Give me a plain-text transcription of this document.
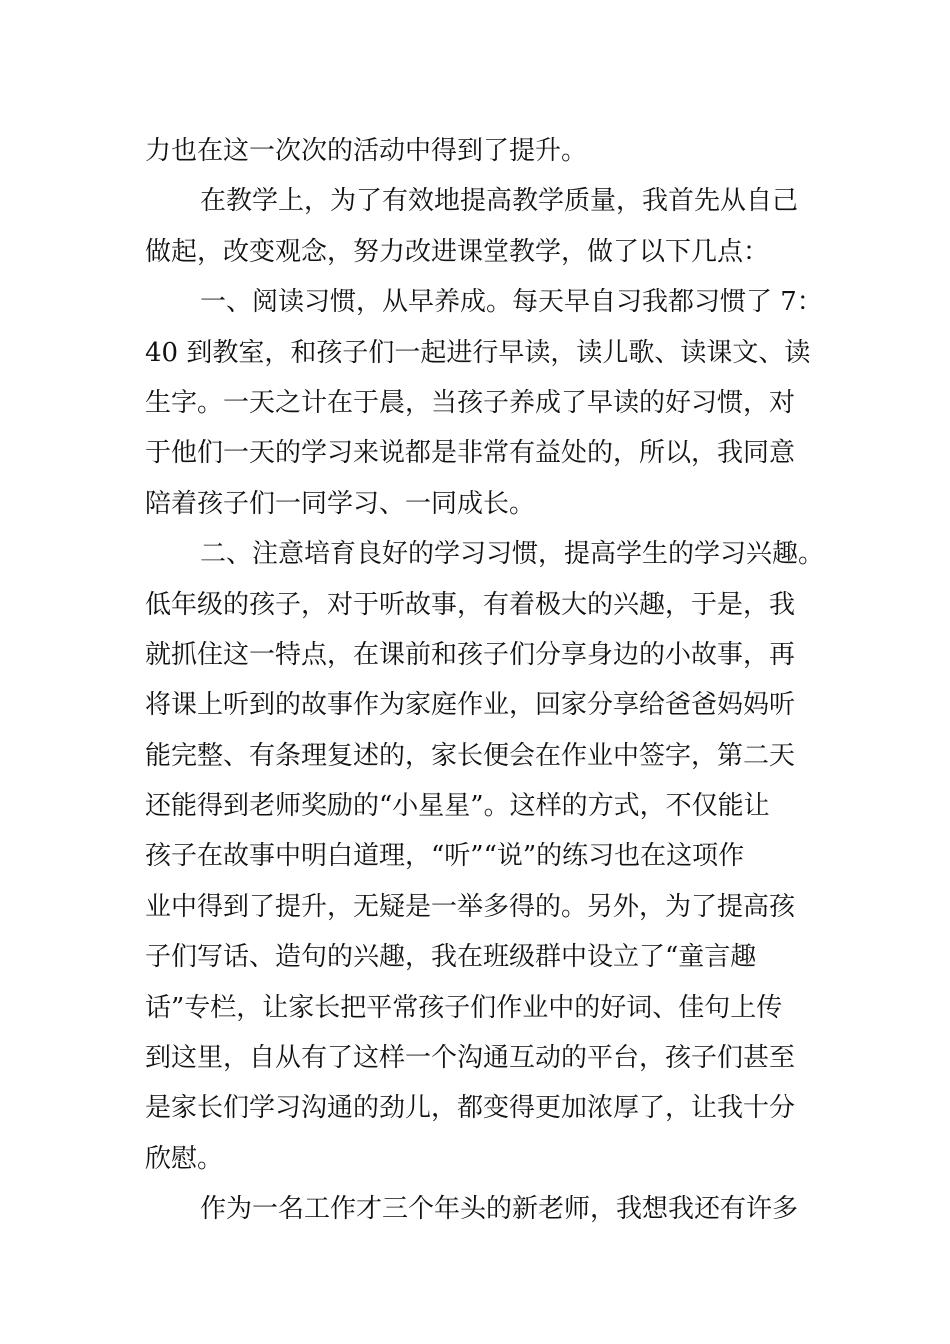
力也在这一次次的活动中得到了提升。
在教学上，为了有效地提高教学质量，我首先从自己
做起，改变观念，努力改进课堂教学，做了以下几点：
一、阅读习惯，从早养成。每天早自习我都习惯了 7：
40 到教室，和孩子们一起进行早读，读儿歌、读课文、读
生字。一天之计在于晨，当孩子养成了早读的好习惯，对
于他们一天的学习来说都是非常有益处的，所以，我同意
陪着孩子们一同学习、一同成长。
二、注意培育良好的学习习惯，提高学生的学习兴趣。
低年级的孩子，对于听故事，有着极大的兴趣，于是，我
就抓住这一特点，在课前和孩子们分享身边的小故事，再
将课上听到的故事作为家庭作业，回家分享给爸爸妈妈听
能完整、有条理复述的，家长便会在作业中签字，第二天
还能得到老师奖励的“小星星”。这样的方式，不仅能让
孩子在故事中明白道理，“听”“说”的练习也在这项作
业中得到了提升，无疑是一举多得的。另外，为了提高孩
子们写话、造句的兴趣，我在班级群中设立了“童言趣
话”专栏，让家长把平常孩子们作业中的好词、佳句上传
到这里，自从有了这样一个沟通互动的平台，孩子们甚至
是家长们学习沟通的劲儿，都变得更加浓厚了，让我十分
欣慰。
作为一名工作才三个年头的新老师，我想我还有许多
